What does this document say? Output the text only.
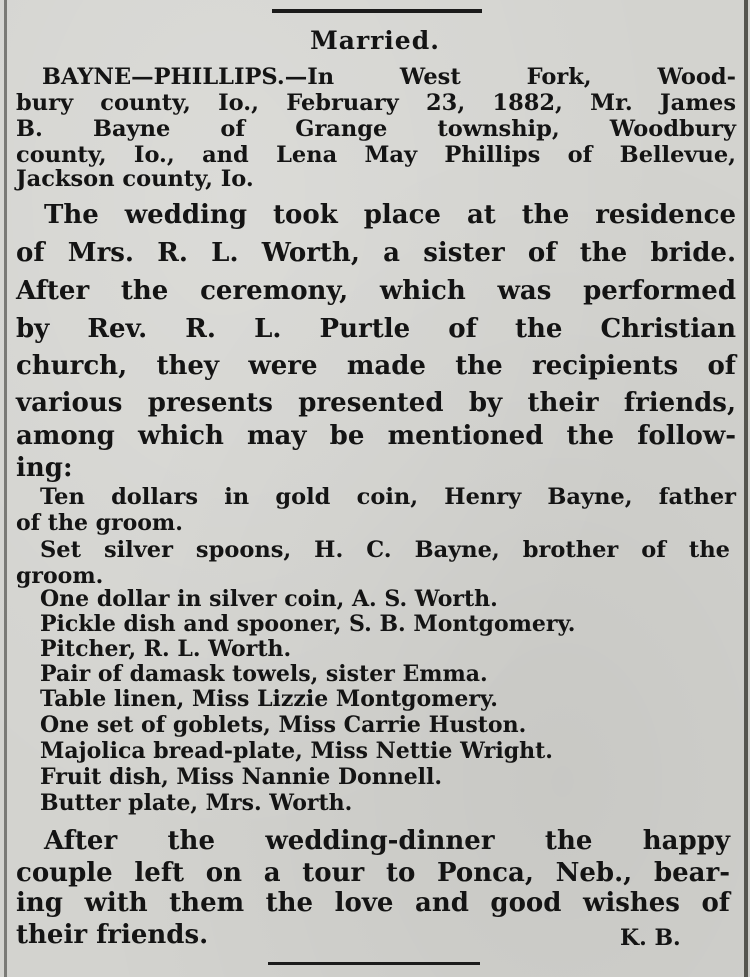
Married.
BAYNE—PHILLIPS.—In West Fork, Wood-
bury county, Io., February 23, 1882, Mr. James
B. Bayne of Grange township, Woodbury
county, Io., and Lena May Phillips of Bellevue,
Jackson county, Io.
The wedding took place at the residence
of Mrs. R. L. Worth, a sister of the bride.
After the ceremony, which was performed
by Rev. R. L. Purtle of the Christian
church, they were made the recipients of
various presents presented by their friends,
among which may be mentioned the follow-
ing:
Ten dollars in gold coin, Henry Bayne, father
of the groom.
Set silver spoons, H. C. Bayne, brother of the
groom.
One dollar in silver coin, A. S. Worth.
Pickle dish and spooner, S. B. Montgomery.
Pitcher, R. L. Worth.
Pair of damask towels, sister Emma.
Table linen, Miss Lizzie Montgomery.
One set of goblets, Miss Carrie Huston.
Majolica bread-plate, Miss Nettie Wright.
Fruit dish, Miss Nannie Donnell.
Butter plate, Mrs. Worth.
After the wedding-dinner the happy
couple left on a tour to Ponca, Neb., bear-
ing with them the love and good wishes of
their friends.	K. B.
